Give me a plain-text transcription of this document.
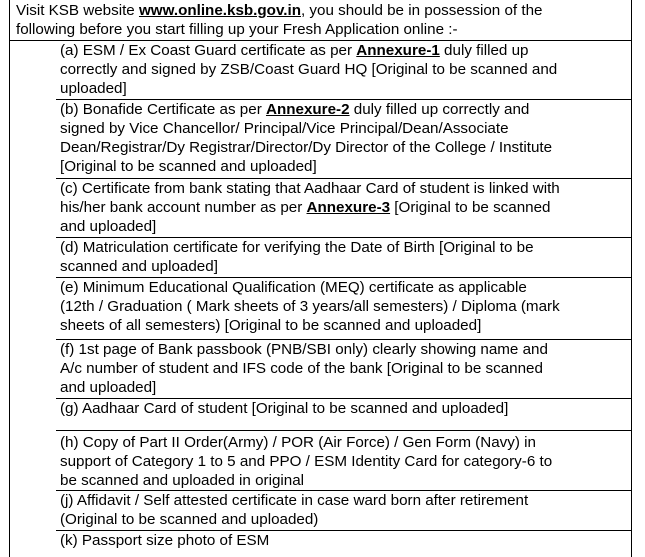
Visit KSB website www.online.ksb.gov.in, you should be in possession of the
following before you start filling up your Fresh Application online :-
(a) ESM / Ex Coast Guard certificate as per Annexure-1 duly filled up
correctly and signed by ZSB/Coast Guard HQ [Original to be scanned and
uploaded]
(b) Bonafide Certificate as per Annexure-2 duly filled up correctly and
signed by Vice Chancellor/ Principal/Vice Principal/Dean/Associate
Dean/Registrar/Dy Registrar/Director/Dy Director of the College / Institute
[Original to be scanned and uploaded]
(c) Certificate from bank stating that Aadhaar Card of student is linked with
his/her bank account number as per Annexure-3 [Original to be scanned
and uploaded]
(d) Matriculation certificate for verifying the Date of Birth [Original to be
scanned and uploaded]
(e) Minimum Educational Qualification (MEQ) certificate as applicable
(12th / Graduation ( Mark sheets of 3 years/all semesters) / Diploma (mark
sheets of all semesters) [Original to be scanned and uploaded]
(f) 1st page of Bank passbook (PNB/SBI only) clearly showing name and
A/c number of student and IFS code of the bank [Original to be scanned
and uploaded]
(g) Aadhaar Card of student [Original to be scanned and uploaded]
(h) Copy of Part II Order(Army) / POR (Air Force) / Gen Form (Navy) in
support of Category 1 to 5 and PPO / ESM Identity Card for category-6 to
be scanned and uploaded in original
(j) Affidavit / Self attested certificate in case ward born after retirement
(Original to be scanned and uploaded)
(k) Passport size photo of ESM
